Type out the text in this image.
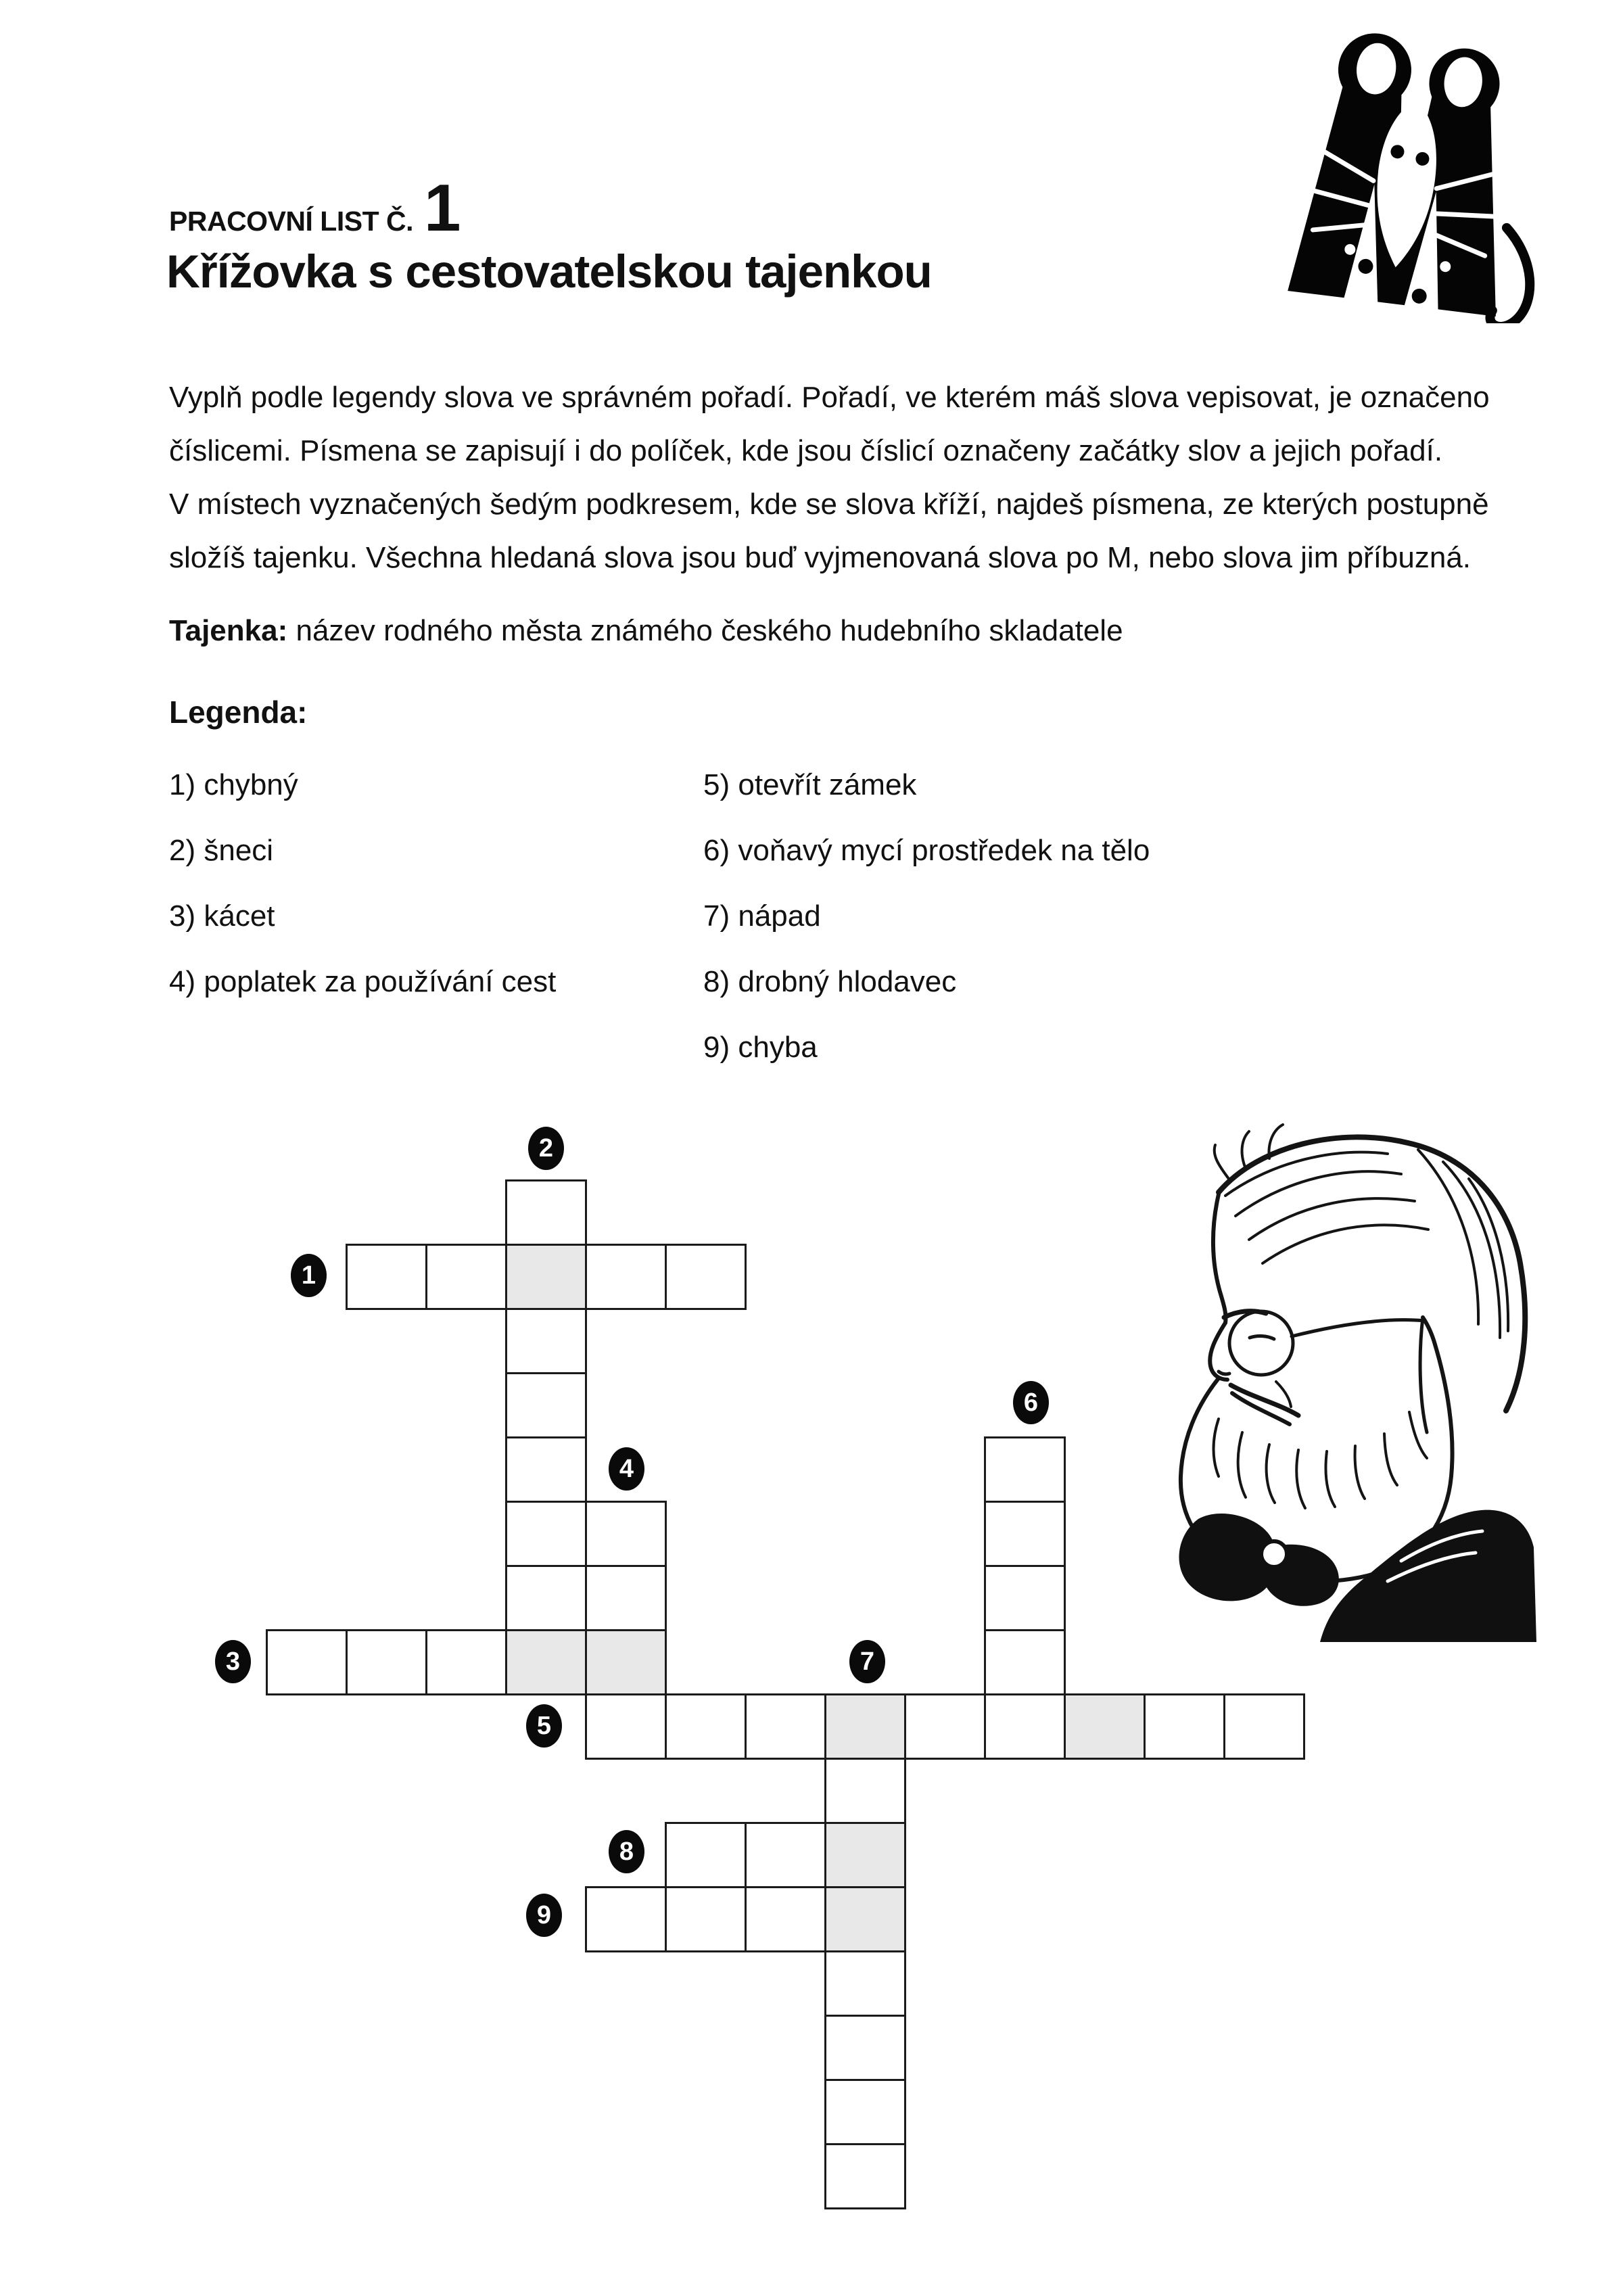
PRACOVNÍ LIST Č. 1
Křížovka s cestovatelskou tajenkou
Vyplň podle legendy slova ve správném pořadí. Pořadí, ve kterém máš slova vepisovat, je označeno
číslicemi. Písmena se zapisují i do políček, kde jsou číslicí označeny začátky slov a jejich pořadí.
V místech vyznačených šedým podkresem, kde se slova kříží, najdeš písmena, ze kterých postupně
složíš tajenku. Všechna hledaná slova jsou buď vyjmenovaná slova po M, nebo slova jim příbuzná.
Tajenka: název rodného města známého českého hudebního skladatele
Legenda:

1) chybný

2) šneci

3) kácet

4) poplatek za používání cest

5) otevřít zámek

6) voňavý mycí prostředek na tělo

7) nápad

8) drobný hlodavec

9) chyba

1
2
3
4
5
6
7
8
9
